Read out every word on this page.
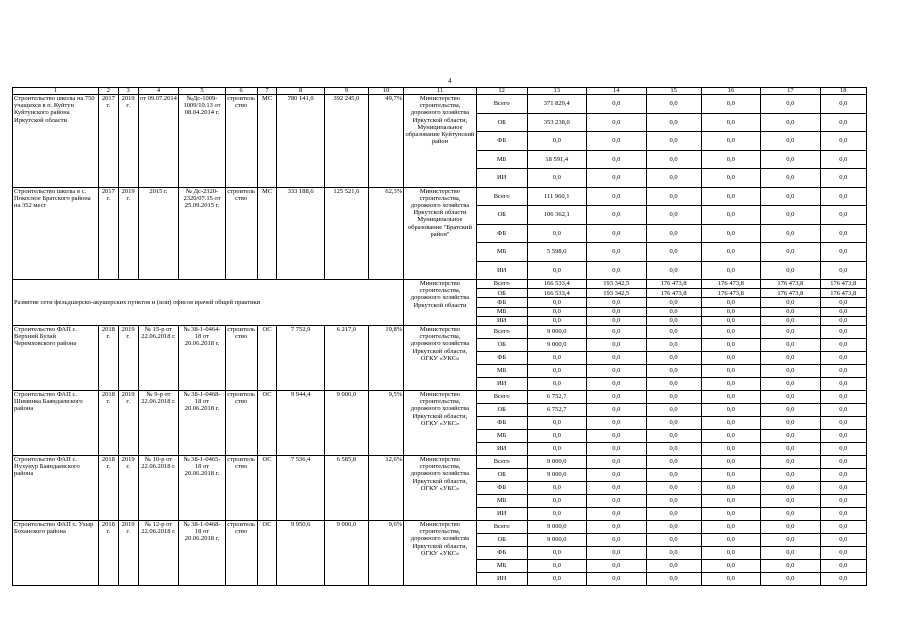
4
1	2	3	4	5	6	7	8	9	10	11	12	13	14	15	16	17	18
Строительство школы на 750 учащихся в п. Куйтун Куйтунского района Иркутской области	2017 г.	2019 г.	от 09.07.2014	№Дс-1009-1009/10.13 от 08.04.2014 г.	строительство	МС	780 141,0	392 245,0	49,7%	Министерство строительства, дорожного хозяйства Иркутской области, Муниципальное образование Куйтунский район	Всего	371 829,4	0,0	0,0	0,0	0,0	0,0
											ОБ	353 238,0	0,0	0,0	0,0	0,0	0,0
											ФБ	0,0	0,0	0,0	0,0	0,0	0,0
											МБ	18 591,4	0,0	0,0	0,0	0,0	0,0
											ИИ	0,0	0,0	0,0	0,0	0,0	0,0
Строительство школы в с. Покосное Братского района на 352 мест	2017 г.	2019 г.	2015 г.	№ Дс-2320-2320/07.15 от 25.09.2015 г.	строительство	МС	333 188,6	125 521,6	62,3%	Министерство строительства, дорожного хозяйства Иркутской области Муниципальное образование "Братский район"	Всего	111 960,1	0,0	0,0	0,0	0,0	0,0
											ОБ	106 362,1	0,0	0,0	0,0	0,0	0,0
											ФБ	0,0	0,0	0,0	0,0	0,0	0,0
											МБ	5 598,0	0,0	0,0	0,0	0,0	0,0
											ИИ	0,0	0,0	0,0	0,0	0,0	0,0
Развитие сети фельдшерско-акушерских пунктов и (или) офисов врачей общей практики										Министерство строительства, дорожного хозяйства Иркутской области	Всего	166 533,4	193 342,5	176 473,8	176 473,8	176 473,8	176 473,8
											ОБ	166 533,4	193 342,5	176 473,8	176 473,8	176 473,8	176 473,8
											ФБ	0,0	0,0	0,0	0,0	0,0	0,0
											МБ	0,0	0,0	0,0	0,0	0,0	0,0
											ИИ	0,0	0,0	0,0	0,0	0,0	0,0
Строительство ФАП с. Верхний Булай Черемховского района	2018 г.	2019 г.	№ 15-р от 22.06.2018 г.	№ 38-1-0464-18 от 20.06.2018 г.	строительство	ОС	7 752,9	6 217,0	19,8%	Министерство строительства, дорожного хозяйства Иркутской области, ОГКУ «УКС»	Всего	9 000,0	0,0	0,0	0,0	0,0	0,0
											ОБ	9 000,0	0,0	0,0	0,0	0,0	0,0
											ФБ	0,0	0,0	0,0	0,0	0,0	0,0
											МБ	0,0	0,0	0,0	0,0	0,0	0,0
											ИИ	0,0	0,0	0,0	0,0	0,0	0,0
Строительство ФАП с. Шиминка Баяндаевского района	2018 г.	2019 г.	№ 9-р от 22.06.2018 г.	№ 38-1-0468-18 от 20.06.2018 г.	строительство	ОС	9 944,4	9 000,0	9,5%	Министерство строительства, дорожного хозяйства Иркутской области, ОГКУ «УКС»	Всего	6 752,7	0,0	0,0	0,0	0,0	0,0
											ОБ	6 752,7	0,0	0,0	0,0	0,0	0,0
											ФБ	0,0	0,0	0,0	0,0	0,0	0,0
											МБ	0,0	0,0	0,0	0,0	0,0	0,0
											ИИ	0,0	0,0	0,0	0,0	0,0	0,0
Строительство ФАП с. Нухунур Баяндаевского района	2018 г.	2019 г.	№ 10-р от 22.06.2018 г.	№ 38-1-0465-18 от 20.06.2018 г.	строительство	ОС	7 536,4	6 585,8	12,6%	Министерство строительства, дорожного хозяйства Иркутской области, ОГКУ «УКС»	Всего	9 000,0	0,0	0,0	0,0	0,0	0,0
											ОБ	9 000,0	0,0	0,0	0,0	0,0	0,0
											ФБ	0,0	0,0	0,0	0,0	0,0	0,0
											МБ	0,0	0,0	0,0	0,0	0,0	0,0
											ИИ	0,0	0,0	0,0	0,0	0,0	0,0
Строительство ФАП с. Ухыр Боханского района	2018 г.	2019 г.	№ 12-р от 22.06.2018 г.	№ 38-1-0468-18 от 20.06.2018 г.	строительство	ОС	9 950,6	9 000,0	9,6%	Министерство строительства, дорожного хозяйства Иркутской области, ОГКУ «УКС»	Всего	9 000,0	0,0	0,0	0,0	0,0	0,0
											ОБ	9 000,0	0,0	0,0	0,0	0,0	0,0
											ФБ	0,0	0,0	0,0	0,0	0,0	0,0
											МБ	0,0	0,0	0,0	0,0	0,0	0,0
											ИН	0,0	0,0	0,0	0,0	0,0	0,0
